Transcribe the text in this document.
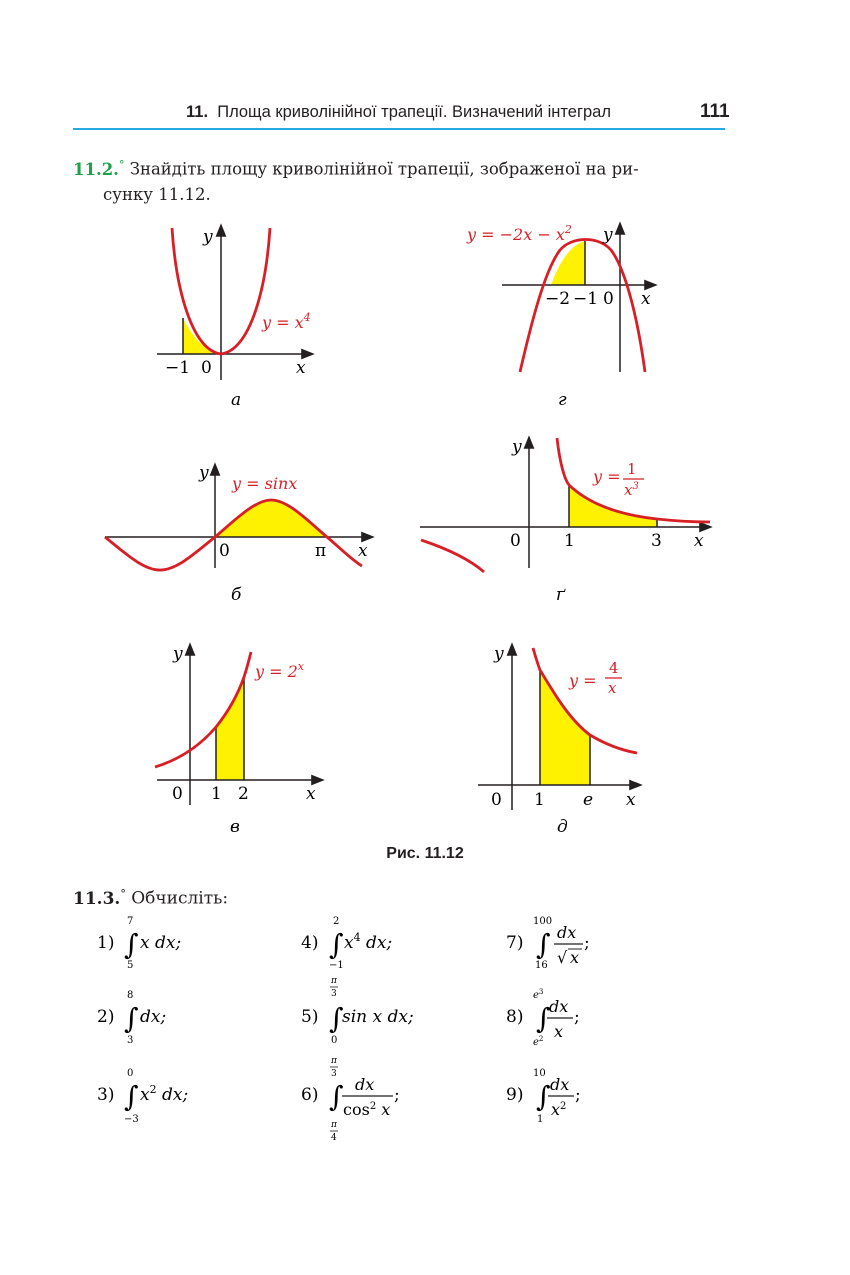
11. Площа криволінійної трапеції. Визначений інтеграл	111
11.2.° Знайдіть площу криволінійної трапеції, зображеної на ри-
сунку 11.12.
−1 0	x
y
$y = x^4$
а
−2 −1 0 x
y
$y = -2x - x^2$
г
0	π x
y
y = sinx
б
0	1	3 x
y
y = 1
$x^3$
ґ
0 1 2	x
y
$y = 2^x$
в
0 1 e x
y
y =
4
x
д
Рис. 11.12
11.3.° Обчисліть:
1) ∫
7
5
x dx;	4) ∫
2
−1
$x^4$ dx;	7) ∫
100
16
dx
√ x
;
2) ∫
8
3
dx;	5) ∫
π
3
0
sin x dx;	8) ∫
$e^3$
$e^2$
dx
x
;
3) ∫
0
−3
$x^2$ dx;	6) ∫
π
3
π
4
dx
$\cos^2 x$
;	9) ∫
10
1
dx
$x^2$
;
